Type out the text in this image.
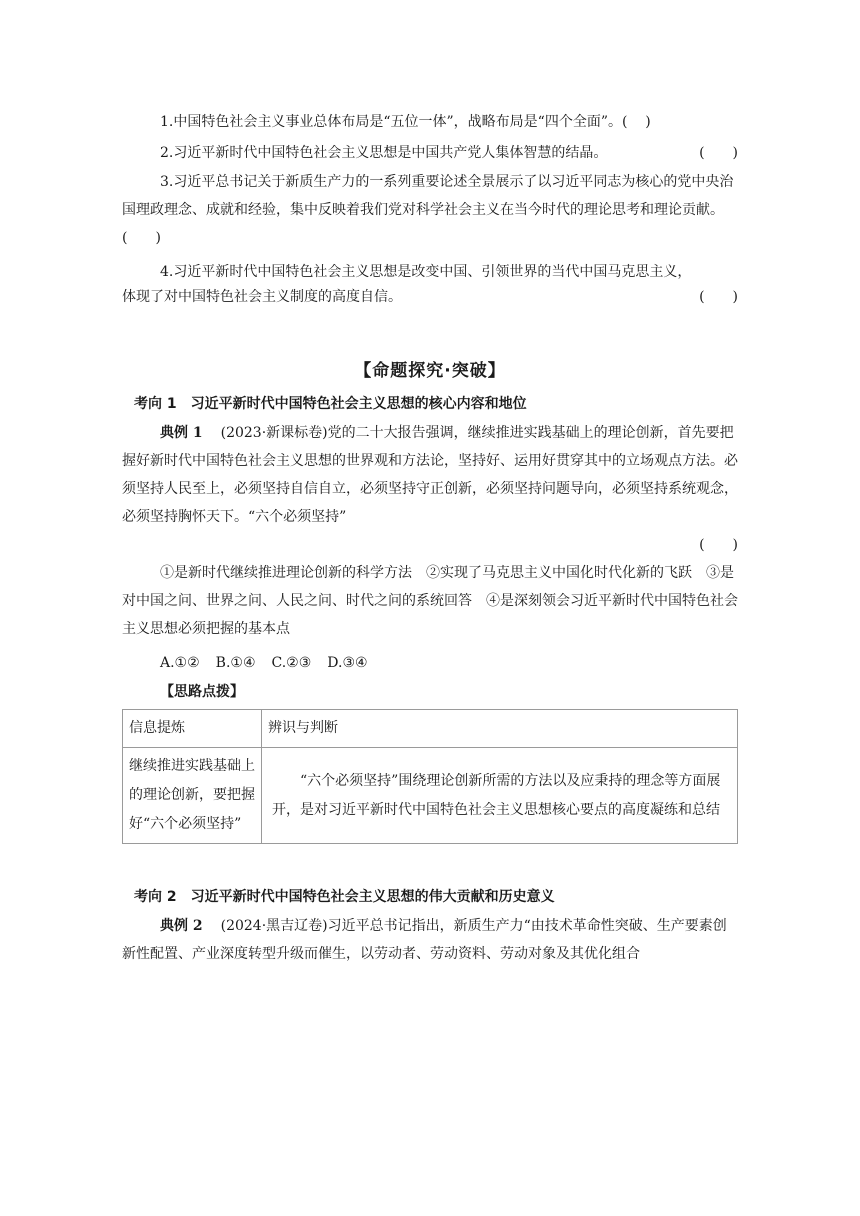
1.中国特色社会主义事业总体布局是“五位一体”，战略布局是“四个全面”。( )

2.习近平新时代中国特色社会主义思想是中国共产党人集体智慧的结晶。	(　　)

3.习近平总书记关于新质生产力的一系列重要论述全景展示了以习近平同志为核心的党中央治国理政理念、成就和经验，集中反映着我们党对科学社会主义在当今时代的理论思考和理论贡献。(　　)

4.习近平新时代中国特色社会主义思想是改变中国、引领世界的当代中国马克思主义，

体现了对中国特色社会主义制度的高度自信。	(　　)
【命题探究·突破】
考向 1 习近平新时代中国特色社会主义思想的核心内容和地位

典例 1 (2023·新课标卷)党的二十大报告强调，继续推进实践基础上的理论创新，首先要把握好新时代中国特色社会主义思想的世界观和方法论，坚持好、运用好贯穿其中的立场观点方法。必须坚持人民至上，必须坚持自信自立，必须坚持守正创新，必须坚持问题导向，必须坚持系统观念，必须坚持胸怀天下。“六个必须坚持”

(　　)

①是新时代继续推进理论创新的科学方法　②实现了马克思主义中国化时代化新的飞跃　③是对中国之问、世界之问、人民之问、时代之问的系统回答　④是深刻领会习近平新时代中国特色社会主义思想必须把握的基本点

A.①② B.①④ C.②③ D.③④

【思路点拨】
信息提炼	辨识与判断
继续推进实践基础上的理论创新，要把握好“六个必须坚持”	“六个必须坚持”围绕理论创新所需的方法以及应秉持的理念等方面展开，是对习近平新时代中国特色社会主义思想核心要点的高度凝练和总结
考向 2 习近平新时代中国特色社会主义思想的伟大贡献和历史意义

典例 2 (2024·黑吉辽卷)习近平总书记指出，新质生产力“由技术革命性突破、生产要素创新性配置、产业深度转型升级而催生，以劳动者、劳动资料、劳动对象及其优化组合
